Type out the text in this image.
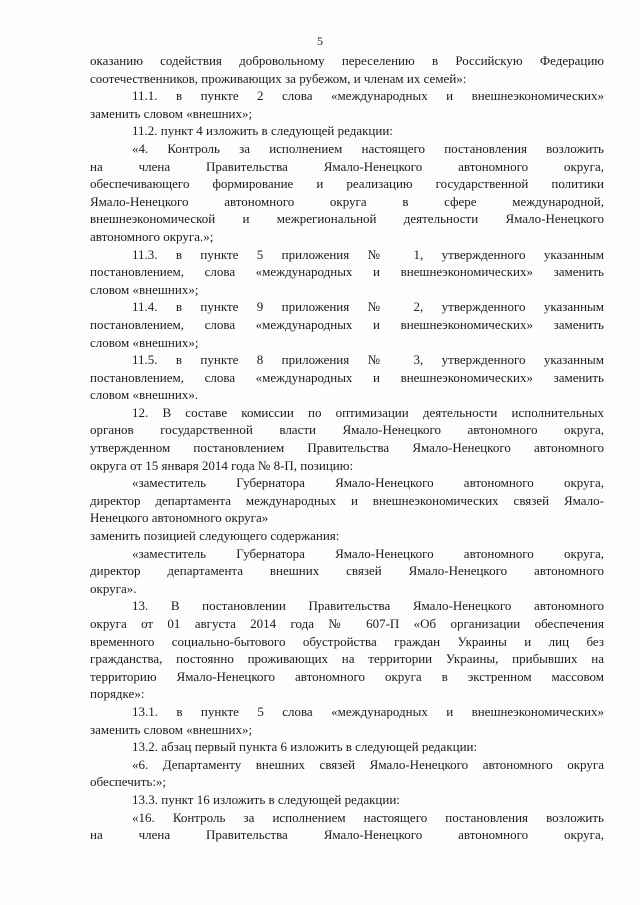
5
оказанию содействия добровольному переселению в Российскую Федерацию
соотечественников, проживающих за рубежом, и членам их семей»:
11.1. в пункте 2 слова «международных и внешнеэкономических»
заменить словом «внешних»;
11.2. пункт 4 изложить в следующей редакции:
«4. Контроль за исполнением настоящего постановления возложить
на члена Правительства Ямало-Ненецкого автономного округа,
обеспечивающего формирование и реализацию государственной политики
Ямало-Ненецкого автономного округа в сфере международной,
внешнеэкономической и межрегиональной деятельности Ямало-Ненецкого
автономного округа.»;
11.3. в пункте 5 приложения № 1, утвержденного указанным
постановлением, слова «международных и внешнеэкономических» заменить
словом «внешних»;
11.4. в пункте 9 приложения № 2, утвержденного указанным
постановлением, слова «международных и внешнеэкономических» заменить
словом «внешних»;
11.5. в пункте 8 приложения № 3, утвержденного указанным
постановлением, слова «международных и внешнеэкономических» заменить
словом «внешних».
12. В составе комиссии по оптимизации деятельности исполнительных
органов государственной власти Ямало-Ненецкого автономного округа,
утвержденном постановлением Правительства Ямало-Ненецкого автономного
округа от 15 января 2014 года № 8-П, позицию:
«заместитель Губернатора Ямало-Ненецкого автономного округа,
директор департамента международных и внешнеэкономических связей Ямало-
Ненецкого автономного округа»
заменить позицией следующего содержания:
«заместитель Губернатора Ямало-Ненецкого автономного округа,
директор департамента внешних связей Ямало-Ненецкого автономного
округа».
13. В постановлении Правительства Ямало-Ненецкого автономного
округа от 01 августа 2014 года № 607-П «Об организации обеспечения
временного социально-бытового обустройства граждан Украины и лиц без
гражданства, постоянно проживающих на территории Украины, прибывших на
территорию Ямало-Ненецкого автономного округа в экстренном массовом
порядке»:
13.1. в пункте 5 слова «международных и внешнеэкономических»
заменить словом «внешних»;
13.2. абзац первый пункта 6 изложить в следующей редакции:
«6. Департаменту внешних связей Ямало-Ненецкого автономного округа
обеспечить:»;
13.3. пункт 16 изложить в следующей редакции:
«16. Контроль за исполнением настоящего постановления возложить
на члена Правительства Ямало-Ненецкого автономного округа,
